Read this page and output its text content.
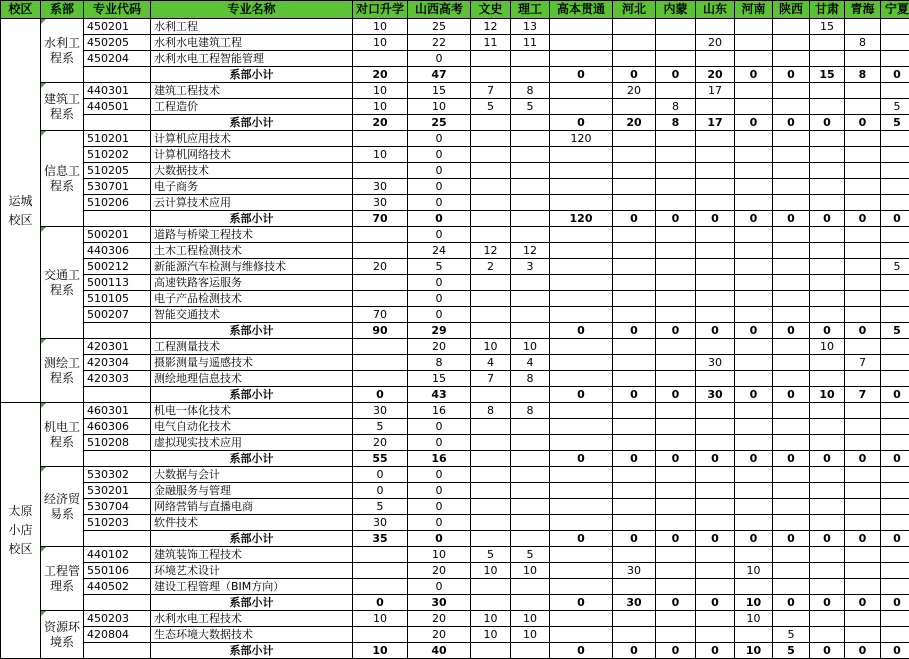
校区	系部	专业代码	专业名称	对口升学	山西高考	文史	理工	高本贯通	河北	内蒙	山东	河南	陕西	甘肃	青海	宁夏
运城校区	水利工程系	450201	水利工程	10	25	12	13							15		
		450205	水利水电建筑工程	10	22	11	11				20				8	
		450204	水利水电工程智能管理		0											
			系部小计	20	47			0	0	0	20	0	0	15	8	0
	建筑工程系	440301	建筑工程技术	10	15	7	8		20		17					
		440501	工程造价	10	10	5	5			8						5
			系部小计	20	25			0	20	8	17	0	0	0	0	5
	信息工程系	510201	计算机应用技术		0			120								
		510202	计算机网络技术	10	0											
		510205	大数据技术		0											
		530701	电子商务	30	0											
		510206	云计算技术应用	30	0											
			系部小计	70	0			120	0	0	0	0	0	0	0	0
	交通工程系	500201	道路与桥梁工程技术		0											
		440306	土木工程检测技术		24	12	12									
		500212	新能源汽车检测与维修技术	20	5	2	3									5
		500113	高速铁路客运服务		0											
		510105	电子产品检测技术		0											
		500207	智能交通技术	70	0											
			系部小计	90	29			0	0	0	0	0	0	0	0	5
	测绘工程系	420301	工程测量技术		20	10	10							10		
		420304	摄影测量与遥感技术		8	4	4				30				7	
		420303	测绘地理信息技术		15	7	8									
			系部小计	0	43			0	0	0	30	0	0	10	7	0
太原小店校区	机电工程系	460301	机电一体化技术	30	16	8	8									
		460306	电气自动化技术	5	0											
		510208	虚拟现实技术应用	20	0											
			系部小计	55	16			0	0	0	0	0	0	0	0	0
	经济贸易系	530302	大数据与会计	0	0											
		530201	金融服务与管理	0	0											
		530704	网络营销与直播电商	5	0											
		510203	软件技术	30	0											
			系部小计	35	0			0	0	0	0	0	0	0	0	0
	工程管理系	440102	建筑装饰工程技术		10	5	5									
		550106	环境艺术设计		20	10	10		30			10				
		440502	建设工程管理（BIM方向）		0											
			系部小计	0	30			0	30	0	0	10	0	0	0	0
	资源环境系	450203	水利水电工程技术	10	20	10	10					10				
		420804	生态环境大数据技术		20	10	10						5			
			系部小计	10	40			0	0	0	0	10	5	0	0	0
